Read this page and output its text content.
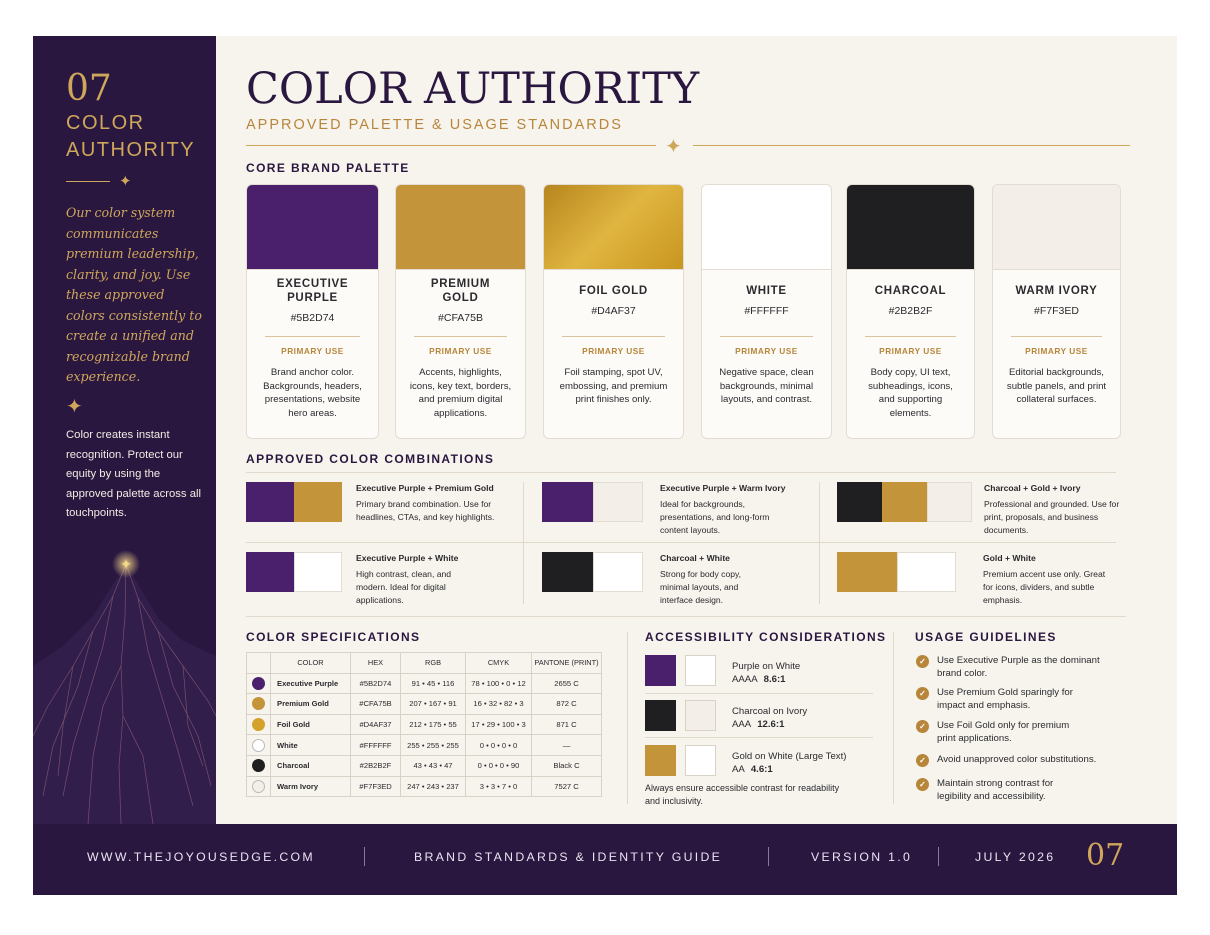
07
COLOR
AUTHORITY
✦
Our color system communicates premium leadership, clarity, and joy. Use these approved colors consistently to create a unified and recognizable brand experience.
✦
Color creates instant recognition. Protect our equity by using the approved palette across all touchpoints.
✦
COLOR AUTHORITY
APPROVED PALETTE & USAGE STANDARDS
✦
CORE BRAND PALETTE
EXECUTIVE PURPLE
#5B2D74
PRIMARY USE
Brand anchor color. Backgrounds, headers, presentations, website hero areas.
PREMIUM GOLD
#CFA75B
PRIMARY USE
Accents, highlights, icons, key text, borders, and premium digital applications.
FOIL GOLD
#D4AF37
PRIMARY USE
Foil stamping, spot UV, embossing, and premium print finishes only.
WHITE
#FFFFFF
PRIMARY USE
Negative space, clean backgrounds, minimal layouts, and contrast.
CHARCOAL
#2B2B2F
PRIMARY USE
Body copy, UI text, subheadings, icons, and supporting elements.
WARM IVORY
#F7F3ED
PRIMARY USE
Editorial backgrounds, subtle panels, and print collateral surfaces.
APPROVED COLOR COMBINATIONS
Executive Purple + Premium Gold
Primary brand combination. Use for headlines, CTAs, and key highlights.
Executive Purple + Warm Ivory
Ideal for backgrounds, presentations, and long-form content layouts.
Charcoal + Gold + Ivory
Professional and grounded. Use for print, proposals, and business documents.
Executive Purple + White
High contrast, clean, and modern. Ideal for digital applications.
Charcoal + White
Strong for body copy, minimal layouts, and interface design.
Gold + White
Premium accent use only. Great for icons, dividers, and subtle emphasis.
COLOR SPECIFICATIONS
	COLOR	HEX	RGB	CMYK	PANTONE (PRINT)
	Executive Purple	#5B2D74	91 • 45 • 116	78 • 100 • 0 • 12	2655 C
	Premium Gold	#CFA75B	207 • 167 • 91	16 • 32 • 82 • 3	872 C
	Foil Gold	#D4AF37	212 • 175 • 55	17 • 29 • 100 • 3	871 C
	White	#FFFFFF	255 • 255 • 255	0 • 0 • 0 • 0	—
	Charcoal	#2B2B2F	43 • 43 • 47	0 • 0 • 0 • 90	Black C
	Warm Ivory	#F7F3ED	247 • 243 • 237	3 • 3 • 7 • 0	7527 C
ACCESSIBILITY CONSIDERATIONS
Purple on White
AAAA 8.6:1
Charcoal on Ivory
AAA 12.6:1
Gold on White (Large Text)
AA 4.6:1
Always ensure accessible contrast for readability and inclusivity.
USAGE GUIDELINES
✓	Use Executive Purple as the dominant brand color.
✓	Use Premium Gold sparingly for impact and emphasis.
✓	Use Foil Gold only for premium print applications.
✓	Avoid unapproved color substitutions.
✓	Maintain strong contrast for legibility and accessibility.
WWW.THEJOYOUSEDGE.COM	BRAND STANDARDS & IDENTITY GUIDE	VERSION 1.0	JULY 2026 07
